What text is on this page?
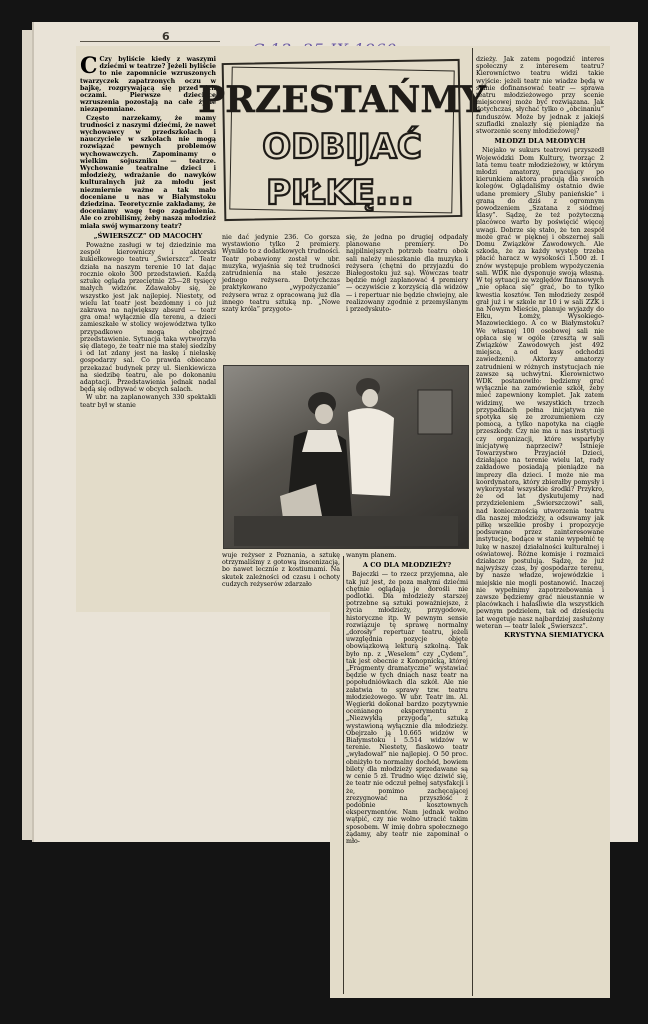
6

C Czy byliście kiedy z waszymi dziećmi w teatrze? Jeżeli byliście to nie zapomnicie wzruszonych twarzyczek zapatrzonych oczu w bajkę, rozgrywającą się przed ich oczami. Pierwsze dziecięce wzruszenia pozostają na całe życie niezapomniane.

Często narzekamy, że mamy trudności z naszymi dziećmi, że nawet wychowawcy w przedszkolach i nauczyciele w szkołach nie mogą rozwiązać pewnych problemów wychowawczych. Zapominamy o wielkim sojuszniku — teatrze. Wychowanie teatralne dzieci i młodzieży, wdrażanie do nawyków kulturalnych już za młodu jest niezmiernie ważne a tak mało doceniane u nas w Białymstoku dziedzina. Teoretycznie zakładamy, że doceniamy wagę tego zagadnienia. Ale co zrobiliśmy, żeby nasza młodzież miała swój wymarzony teatr?

„ŚWIERSZCZ” OD MACOCHY

Poważne zasługi w tej dziedzinie ma zespół kierowniczy i aktorski kukiełkowego teatru „Świerszcz”. Teatr działa na naszym terenie 10 lat dając rocznie około 300 przedstawień. Każdą sztukę ogląda przeciętnie 25—28 tysięcy małych widzów. Zdawałoby się, że wszystko jest jak najlepiej. Niestety, od wielu lat teatr jest bezdomny i co już zakrawa na największy absurd — teatr gra oma! wyłącznie dla terenu, a dzieci zamieszkałe w stolicy województwa tylko przypadkowo mogą obejrzeć przedstawienie. Sytuacja taka wytworzyła się dlatego, że teatr nie ma stałej siedziby i od lat zdany jest na łaskę i niełaskę gospodarzy sal. Co prawda obiecano przekazać budynek przy ul. Sienkiewicza na siedzibę teatru, ale po dokonaniu adaptacji. Przedstawienia jednak nadal będą się odbywać w obcych salach.

W ubr. na zaplanowanych 330 spektakli teatr był w stanie

PRZESTAŃMY
ODBIJAĆ
PIŁKĘ...
nie dać jedynie 236. Co gorsza wystawiono tylko 2 premiery. Wynikło to z dodatkowych trudności. Teatr pobawiony został w ubr. muzyka, wyjaśnia się też trudności zatrudnienia na stałe jeszcze jednego reżysera. Dotychczas praktykowano „wypożyczanie” reżysera wraz z opracowaną już dla innego teatru sztuką np. „Nowe szaty króla” przygoto-
się, że jedna po drugiej odpadały planowane premiery. Do najpilniejszych potrzeb teatru obok sali należy mieszkanie dla muzyka i reżysera (chętni do przyjazdu do Białegostoku już są). Wówczas teatr będzie mógł zaplanować 4 premiery — oczywiście z korzyścią dla widzów — i repertuar nie będzie chwiejny, ale realizowany zgodnie z przemyślanym i przedyskuto-
wuje reżyser z Poznania, a sztukę otrzymaliśmy z gotową inscenizacją, bo nawet lecznie z kostiumami. Na skutek zależności od czasu i ochoty cudzych reżyserów zdarzało

wanym planem.

A CO DLA MŁODZIEŻY?

Bajeczki — to rzecz przyjemna, ale tak już jest, że poza małymi dziećmi chętnie oglądają je dorośli nie podlotki. Dla młodzieży starszej potrzebne są sztuki poważniejsze, z życia młodzieży, przygodowe, historyczne itp. W pewnym sensie rozwiązuje tę sprawę normalny „dorosły” repertuar teatru, jeżeli uwzględnia pozycje objęte obowiązkową lekturą szkolną. Tak było np. z „Weselem” czy „Cydem”, tak jest obecnie z Konopnicką, której „Fragmenty dramatyczne” wystawiać będzie w tych dniach nasz teatr na popołudniówkach dla szkół. Ale nie załatwia to sprawy tzw. teatru młodzieżowego. W ubr. Teatr im. Al. Węgierki dokonał bardzo pozytywnie ocenianego eksperymentu z „Niezwykłą przygodą”, sztuką wystawioną wyłącznie dla młodzieży. Obejrzało ją 10.665 widzów w Białymstoku i 5.514 widzów w terenie. Niestety, fiaskowo teatr „wyładował” nie najlepiej. O 50 proc. obniżyło to normalny dochód, bowiem bilety dla młodzieży sprzedawane są w cenie 5 zł. Trudno więc dziwić się, że teatr nie odczuł pełnej satysfakcji i że, pomimo zachęcającej zrezygnować na przyszłość z podobnie kosztownych eksperymentów. Nam jednak wolno wątpić, czy nie wolno utracić takim sposobem. W imię dobra społecznego żądamy, aby teatr nie zapominał o mło-

dzieży. Jak zatem pogodzić interes społeczny z interesem teatru? Kierownictwo teatru widzi takie wyjście: jeżeli teatr nie wiadze będą w stanie dofinansować teatr — sprawa teatru młodzieżowego przy scenie miejscowej może być rozwiązana. Jak dotychczas, słychać tylko o „obcinaniu” funduszów. Może by jednak z jakiejś szufladki znalazły się pieniądze na stworzenie sceny młodzieżowej?

MŁODZI DLA MŁODYCH

Niejako w sukurs teatrowi przyszedł Wojewódzki Dom Kultury, tworząc 2 lata temu teatr młodzieżowy, w którym młodzi amatorzy, pracujący po kierunkiem aktora pracują dla swoich kolegów. Oglądaliśmy ostatnio dwie udane premiery „Śluby panieńskie” i graną do dziś z ogromnym powodzeniem „Szatana z siódmej klasy”. Sądzę, że też pożyteczną placówce warto by poświęcić więcej uwagi. Dobrze się stało, że ten zespół może grać w pięknej i obszernej sali Domu Związków Zawodowych. Ale szkoda, że za każdy występ trzeba płacić haracz w wysokości 1.500 zł. I znów występuje problem wypożyczenia sali. WDK nie dysponuje swoją własną. W tej sytuacji ze względów finansowych „nie opłaca się” grać, bo to tylko kwestia kosztów. Ten młodzieży zespół grał już i w szkole nr 10 i w sali ZZK i na Nowym Mieście, planuje wyjazdy do Ełku, Łomży, Wysokiego-Mazowieckiego. A co w Białymstoku? We własnej 100 osobowej sali nie opłaca się w ogóle (zresztą w sali Związków Zawodowych jest 492 miejsca, a od kasy odchodzi zawiedzeni). Aktorzy amatorzy zatrudnieni w różnych instytucjach nie zawsze są uchwytni. Kierownictwo WDK postanowiło: będziemy grać wyłącznie na zamówienie szkół, żeby mieć zapewniony komplet. Jak zatem widzimy, we wszystkich trzech przypadkach pełna inicjatywa nie spotyka się ze zrozumieniem czy pomocą, a tylko napotyka na ciągłe przeszkody. Czy nie ma u nas instytucji czy organizacji, które wsparłyby inicjatywę naprzeciw? Istnieje Towarzystwo Przyjaciół Dzieci, działające na terenie wielu lat, rady zakładowe posiadają pieniądze na imprezy dla dzieci. I może nie ma koordynatora, który zbierałby pomysły i wykorzystał wszystkie środki? Przykro, że od lat dyskutujemy nad przydzieleniem „Świerszczowi” sali, nad koniecznością utworzenia teatru dla naszej młodzieży, a odsuwamy jak piłkę wszelkie prośby i propozycje podsuwane przez zainteresowane instytucje, bodące w stanie wypełnić tę lukę w naszej działalności kulturalnej i oświatowej. Różne komisje i rozmaici działacze postulują. Sądzę, że już najwyższy czas, by gospodarze terenu, by nasze władze, wojewódzkie i miejskie nie mogli postanowić. Inaczej nie wypełnimy zapotrzebowania i zawsze będziemy grać nieustannie w placówkach i hałaśliwie dla wszystkich pewnym podzielem, tak od dziesięciu lat wegetuje nasz najbardziej zasłużony weteran — teatr lalek „Świerszcz”.

KRYSTYNA SIEMIATYCKA
